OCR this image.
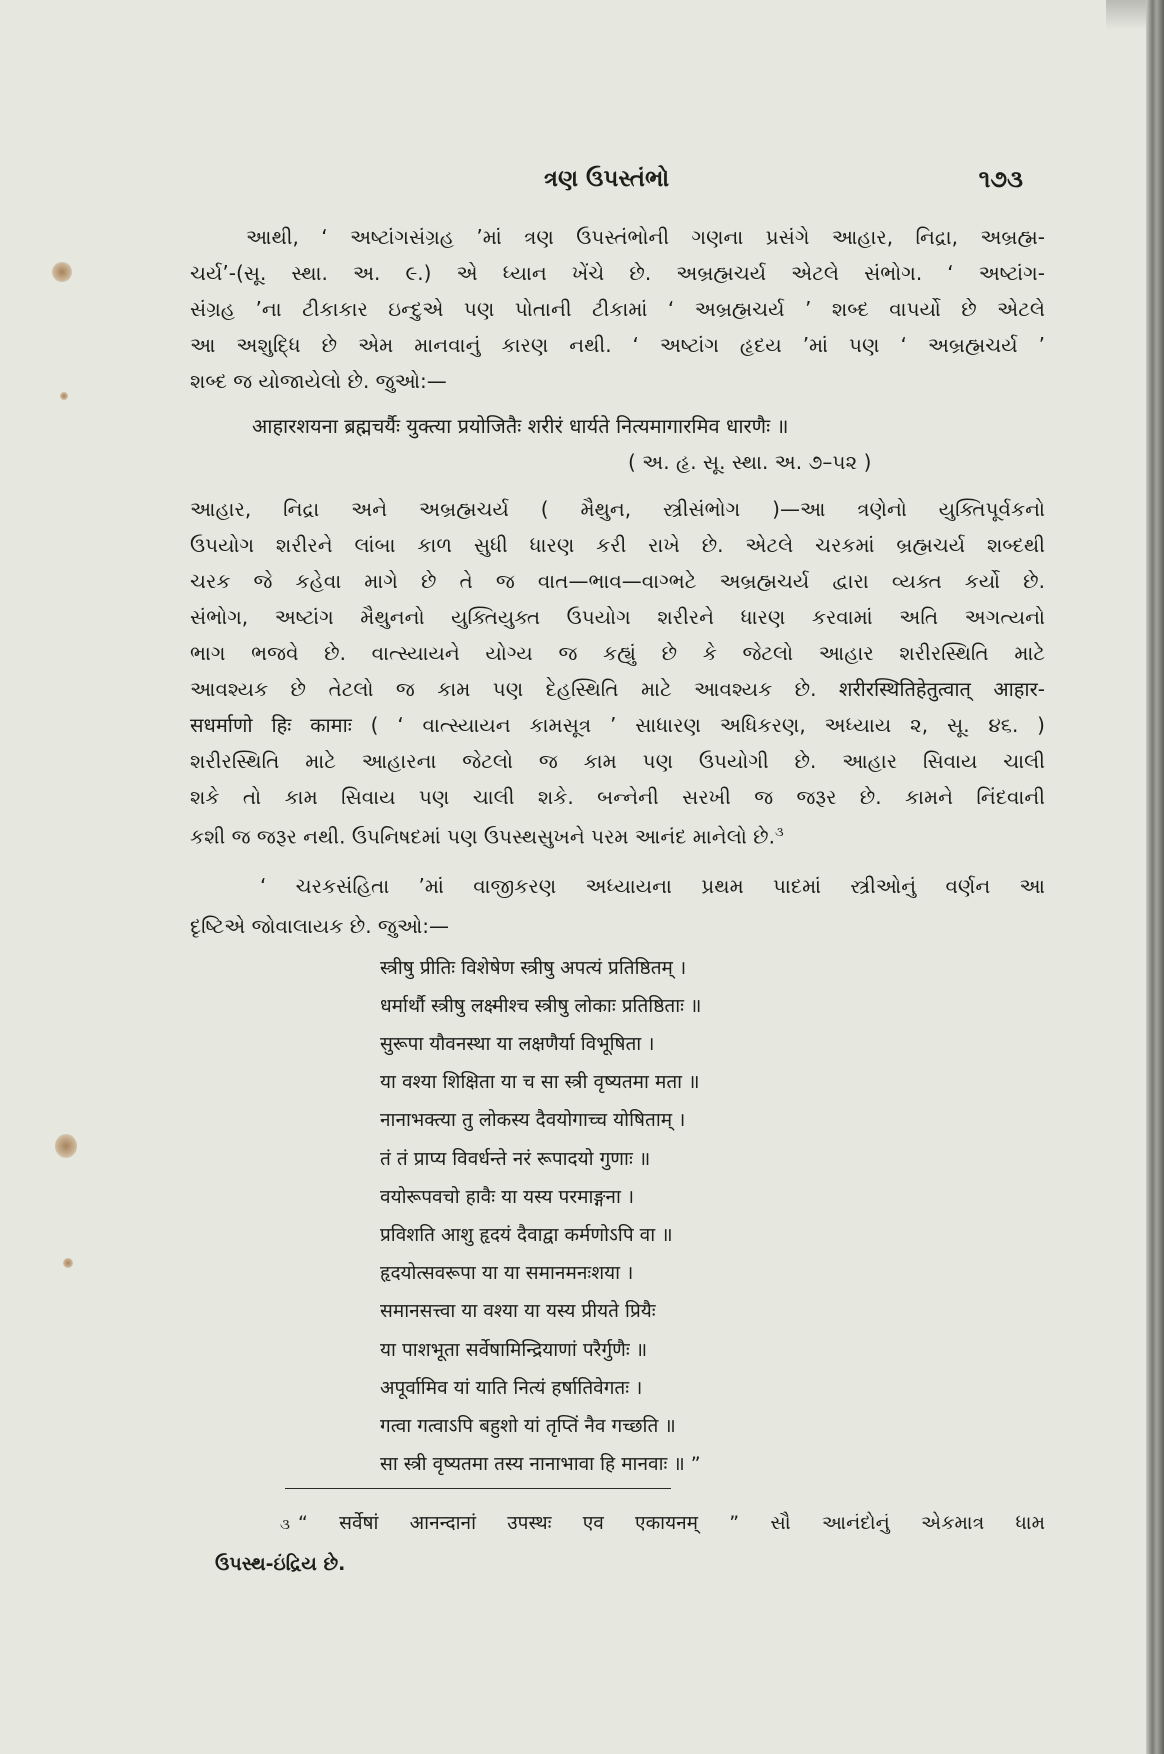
ત્રણ ઉપસ્તંભો	૧૭૩
આથી, ‘ અષ્ટાંગસંગ્રહ ’માં ત્રણ ઉપસ્તંભોની ગણના પ્રસંગે આહાર, નિદ્રા, અબ્રહ્મ-
ચર્ય’-(સૂ. સ્થા. અ. ૯.) એ ધ્યાન ખેંચે છે. અબ્રહ્મચર્ય એટલે સંભોગ. ‘ અષ્ટાંગ-
સંગ્રહ ’ના ટીકાકાર ઇન્દુએ પણ પોતાની ટીકામાં ‘ અબ્રહ્મચર્ય ’ શબ્દ વાપર્યો છે એટલે
આ અશુદ્ધિ છે એમ માનવાનું કારણ નથી. ‘ અષ્ટાંગ હૃદય ’માં પણ ‘ અબ્રહ્મચર્ય ’
શબ્દ જ યોજાયેલો છે. જુઓ:—
आहारशयना ब्रह्मचर्यैः युक्त्या प्रयोजितैः शरीरं धार्यते नित्यमागारमिव धारणैः ॥
( અ. હૃ. સૂ. સ્થા. અ. ૭–૫૨ )
આહાર, નિદ્રા અને અબ્રહ્મચર્ય ( મૈથુન, સ્ત્રીસંભોગ )—આ ત્રણેનો યુક્તિપૂર્વકનો
ઉપયોગ શરીરને લાંબા કાળ સુધી ધારણ કરી રાખે છે. એટલે ચરકમાં બ્રહ્મચર્ય શબ્દથી
ચરક જે કહેવા માગે છે તે જ વાત—ભાવ—વાગ્ભટે અબ્રહ્મચર્ય દ્વારા વ્યક્ત કર્યો છે.
સંભોગ, અષ્ટાંગ મૈથુનનો યુક્તિયુક્ત ઉપયોગ શરીરને ધારણ કરવામાં અતિ અગત્યનો
ભાગ ભજવે છે. વાત્સ્યાયને યોગ્ય જ કહ્યું છે કે જેટલો આહાર શરીરસ્થિતિ માટે
આવશ્યક છે તેટલો જ કામ પણ દેહસ્થિતિ માટે આવશ્યક છે. शरीरस्थितिहेतुत्वात् आहार-
सधर्माणो हिः कामाः ( ‘ વાત્સ્યાયન કામસૂત્ર ’ સાધારણ અધિકરણ, અધ્યાય ૨, સૂ. ૪૬. )
શરીરસ્થિતિ માટે આહારના જેટલો જ કામ પણ ઉપયોગી છે. આહાર સિવાય ચાલી
શકે તો કામ સિવાય પણ ચાલી શકે. બન્નેની સરખી જ જરૂર છે. કામને નિંદવાની
કશી જ જરૂર નથી. ઉપનિષદમાં પણ ઉપસ્થસુખને પરમ આનંદ માનેલો છે.$^૩$
‘ ચરકસંહિતા ’માં વાજીકરણ અધ્યાયના પ્રથમ પાદમાં સ્ત્રીઓનું વર્ણન આ
દૃષ્ટિએ જોવાલાયક છે. જુઓ:—
स्त्रीषु प्रीतिः विशेषेण स्त्रीषु अपत्यं प्रतिष्ठितम् ।
धर्मार्थौ स्त्रीषु लक्ष्मीश्च स्त्रीषु लोकाः प्रतिष्ठिताः ॥
सुरूपा यौवनस्था या लक्षणैर्या विभूषिता ।
या वश्या शिक्षिता या च सा स्त्री वृष्यतमा मता ॥
नानाभक्त्या तु लोकस्य दैवयोगाच्च योषिताम् ।
तं तं प्राप्य विवर्धन्ते नरं रूपादयो गुणाः ॥
वयोरूपवचो हावैः या यस्य परमाङ्गना ।
प्रविशति आशु हृदयं दैवाद्वा कर्मणोऽपि वा ॥
हृदयोत्सवरूपा या या समानमनःशया ।
समानसत्त्वा या वश्या या यस्य प्रीयते प्रियैः
या पाशभूता सर्वेषामिन्द्रियाणां परैर्गुणैः ॥
अपूर्वामिव यां याति नित्यं हर्षातिवेगतः ।
गत्वा गत्वाऽपि बहुशो यां तृप्तिं नैव गच्छति ॥
सा स्त्री वृष्यतमा तस्य नानाभावा हि मानवाः ॥ ”
૩ “ सर्वेषां आनन्दानां उपस्थः एव एकायनम् ” સૌ આનંદોનું એકમાત્ર ધામ
ઉપસ્થ-ઇંદ્રિય છે.
